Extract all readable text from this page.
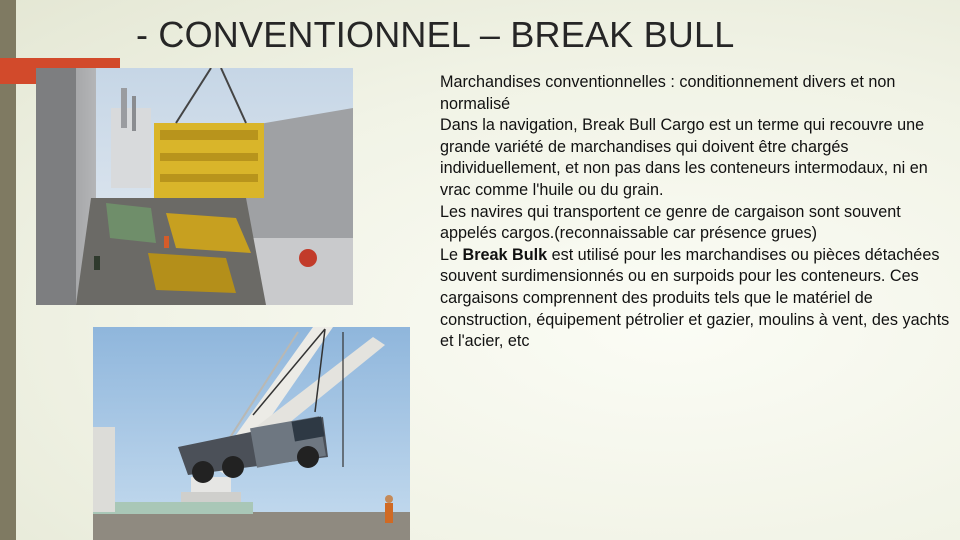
- CONVENTIONNEL – BREAK BULL

Marchandises conventionnelles : conditionnement divers et non normalisé

Dans la navigation, Break Bull Cargo est un terme qui recouvre une grande variété de marchandises qui doivent être chargés individuellement, et non pas dans les conteneurs intermodaux, ni en vrac comme l'huile ou du grain.

Les navires qui transportent ce genre de cargaison sont souvent appelés cargos.(reconnaissable car présence grues)

Le Break Bulk est utilisé pour les marchandises ou pièces détachées souvent surdimensionnés ou en surpoids pour les conteneurs. Ces cargaisons comprennent des produits tels que le matériel de construction, équipement pétrolier et gazier, moulins à vent, des yachts et l'acier, etc
